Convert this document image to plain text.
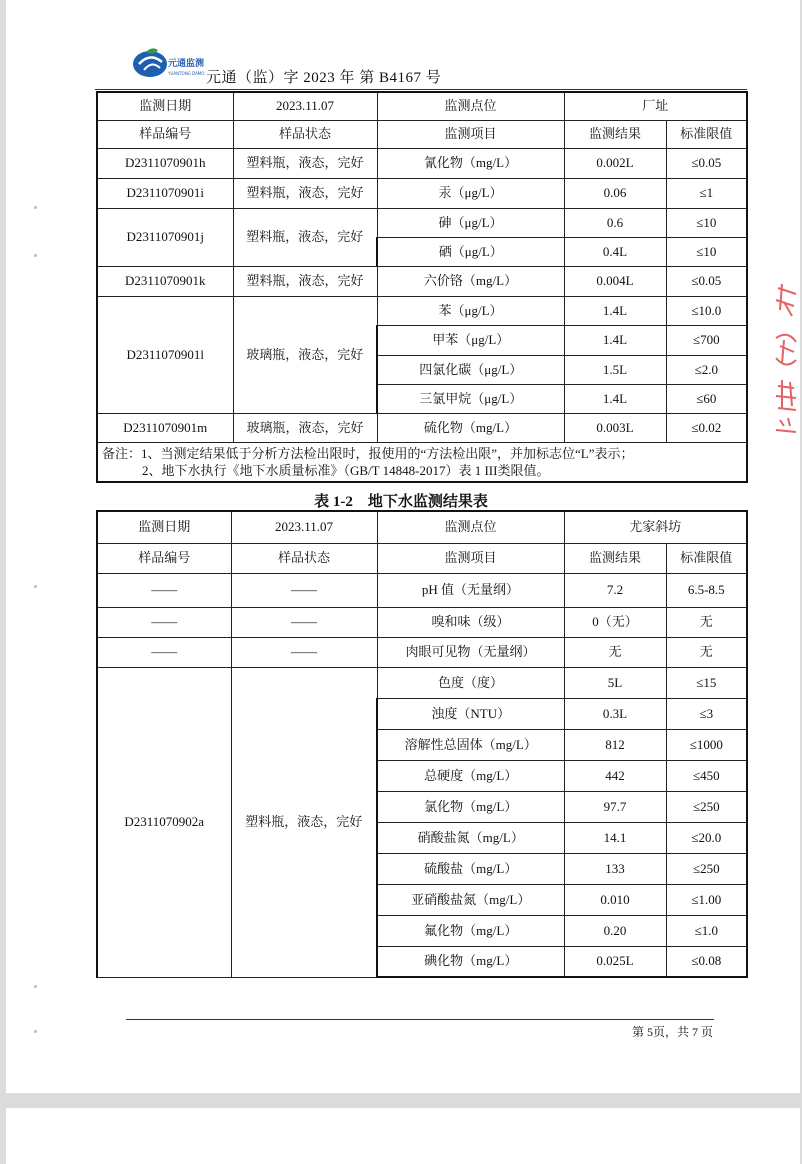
元通监测
YUANTONG DAMO 元通（监）字 2023 年 第 B4167 号
监测日期	2023.11.07	监测点位	厂址	
样品编号	样品状态	监测项目	监测结果	标准限值
D2311070901h	塑料瓶，液态，完好	氰化物（mg/L）	0.002L	≤0.05
D2311070901i	塑料瓶，液态，完好	汞（μg/L）	0.06	≤1
D2311070901j	塑料瓶，液态，完好	砷（μg/L）	0.6	≤10
		硒（μg/L）	0.4L	≤10
D2311070901k	塑料瓶，液态，完好	六价铬（mg/L）	0.004L	≤0.05
D2311070901l	玻璃瓶，液态，完好	苯（μg/L）	1.4L	≤10.0
		甲苯（μg/L）	1.4L	≤700
		四氯化碳（μg/L）	1.5L	≤2.0
		三氯甲烷（μg/L）	1.4L	≤60
D2311070901m	玻璃瓶，液态，完好	硫化物（mg/L）	0.003L	≤0.02
备注：1、当测定结果低于分析方法检出限时，报使用的“方法检出限”，并加标志位“L”表示；
2、地下水执行《地下水质量标准》（GB/T 14848-2017）表 1 III类限值。				
表 1-2　地下水监测结果表
监测日期	2023.11.07	监测点位	尤家斜坊	
样品编号	样品状态	监测项目	监测结果	标准限值
——	——	pH 值（无量纲）	7.2	6.5-8.5
——	——	嗅和味（级）	0（无）	无
——	——	肉眼可见物（无量纲）	无	无
D2311070902a	塑料瓶，液态，完好	色度（度）	5L	≤15
		浊度（NTU）	0.3L	≤3
		溶解性总固体（mg/L）	812	≤1000
		总硬度（mg/L）	442	≤450
		氯化物（mg/L）	97.7	≤250
		硝酸盐氮（mg/L）	14.1	≤20.0
		硫酸盐（mg/L）	133	≤250
		亚硝酸盐氮（mg/L）	0.010	≤1.00
		氟化物（mg/L）	0.20	≤1.0
		碘化物（mg/L）	0.025L	≤0.08
第 5页，共 7 页
